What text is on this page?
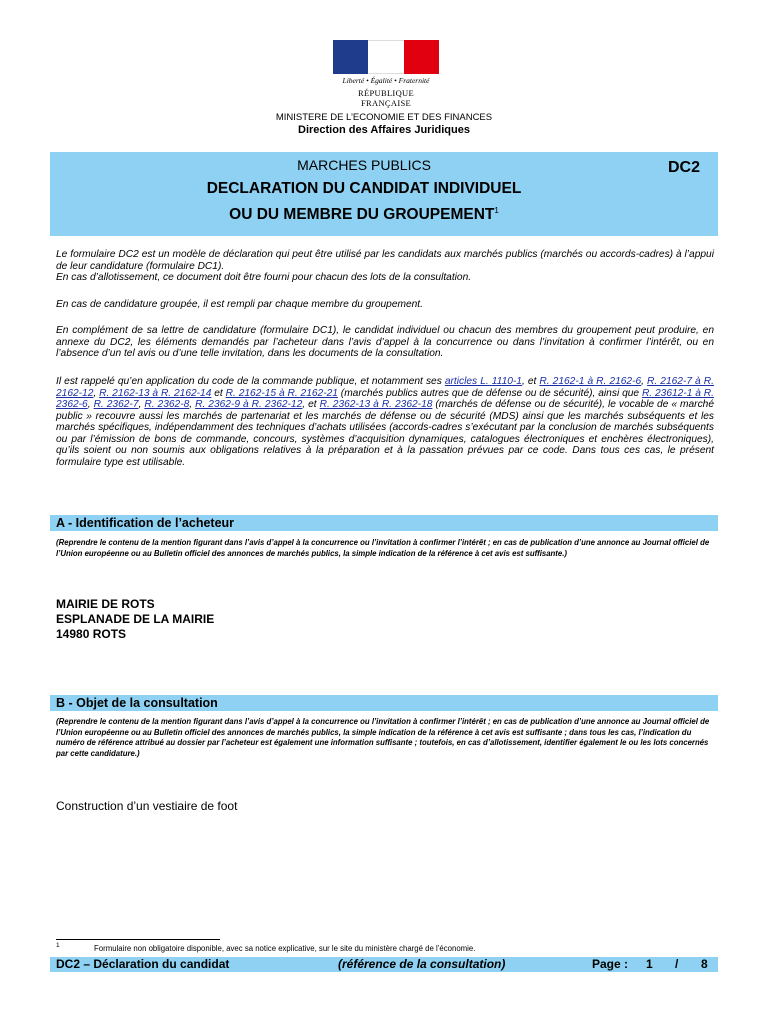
Liberté • Égalité • Fraternité
RÉPUBLIQUE FRANÇAISE
MINISTERE DE L’ECONOMIE ET DES FINANCES
Direction des Affaires Juridiques
MARCHES PUBLICS	DC2
DECLARATION DU CANDIDAT INDIVIDUEL
OU DU MEMBRE DU GROUPEMENT$^1$

Le formulaire DC2 est un modèle de déclaration qui peut être utilisé par les candidats aux marchés publics (marchés ou accords-cadres) à l’appui de leur candidature (formulaire DC1).

En cas d’allotissement, ce document doit être fourni pour chacun des lots de la consultation.

En cas de candidature groupée, il est rempli par chaque membre du groupement.

En complément de sa lettre de candidature (formulaire DC1), le candidat individuel ou chacun des membres du groupement peut produire, en annexe du DC2, les éléments demandés par l’acheteur dans l’avis d’appel à la concurrence ou dans l’invitation à confirmer l’intérêt, ou en l’absence d’un tel avis ou d’une telle invitation, dans les documents de la consultation.

Il est rappelé qu’en application du code de la commande publique, et notamment ses articles L. 1110-1, et R. 2162-1 à R. 2162-6, R. 2162-7 à R. 2162-12, R. 2162-13 à R. 2162-14 et R. 2162-15 à R. 2162-21 (marchés publics autres que de défense ou de sécurité), ainsi que R. 23612-1 à R. 2362-6, R. 2362-7, R. 2362-8, R. 2362-9 à R. 2362-12, et R. 2362-13 à R. 2362-18 (marchés de défense ou de sécurité), le vocable de « marché public » recouvre aussi les marchés de partenariat et les marchés de défense ou de sécurité (MDS) ainsi que les marchés subséquents et les marchés spécifiques, indépendamment des techniques d’achats utilisées (accords-cadres s’exécutant par la conclusion de marchés subséquents ou par l’émission de bons de commande, concours, systèmes d’acquisition dynamiques, catalogues électroniques et enchères électroniques), qu’ils soient ou non soumis aux obligations relatives à la préparation et à la passation prévues par ce code. Dans tous ces cas, le présent formulaire type est utilisable.

A - Identification de l’acheteur
(Reprendre le contenu de la mention figurant dans l’avis d’appel à la concurrence ou l’invitation à confirmer l’intérêt ; en cas de publication d’une annonce au Journal officiel de l’Union européenne ou au Bulletin officiel des annonces de marchés publics, la simple indication de la référence à cet avis est suffisante.)
MAIRIE DE ROTS
ESPLANADE DE LA MAIRIE
14980 ROTS
B - Objet de la consultation
(Reprendre le contenu de la mention figurant dans l’avis d’appel à la concurrence ou l’invitation à confirmer l’intérêt ; en cas de publication d’une annonce au Journal officiel de l’Union européenne ou au Bulletin officiel des annonces de marchés publics, la simple indication de la référence à cet avis est suffisante ; dans tous les cas, l’indication du numéro de référence attribué au dossier par l’acheteur est également une information suffisante ; toutefois, en cas d’allotissement, identifier également le ou les lots concernés par cette candidature.)
Construction d’un vestiaire de foot
1	Formulaire non obligatoire disponible, avec sa notice explicative, sur le site du ministère chargé de l’économie.
DC2 – Déclaration du candidat	(référence de la consultation)	Page : 1 / 8
